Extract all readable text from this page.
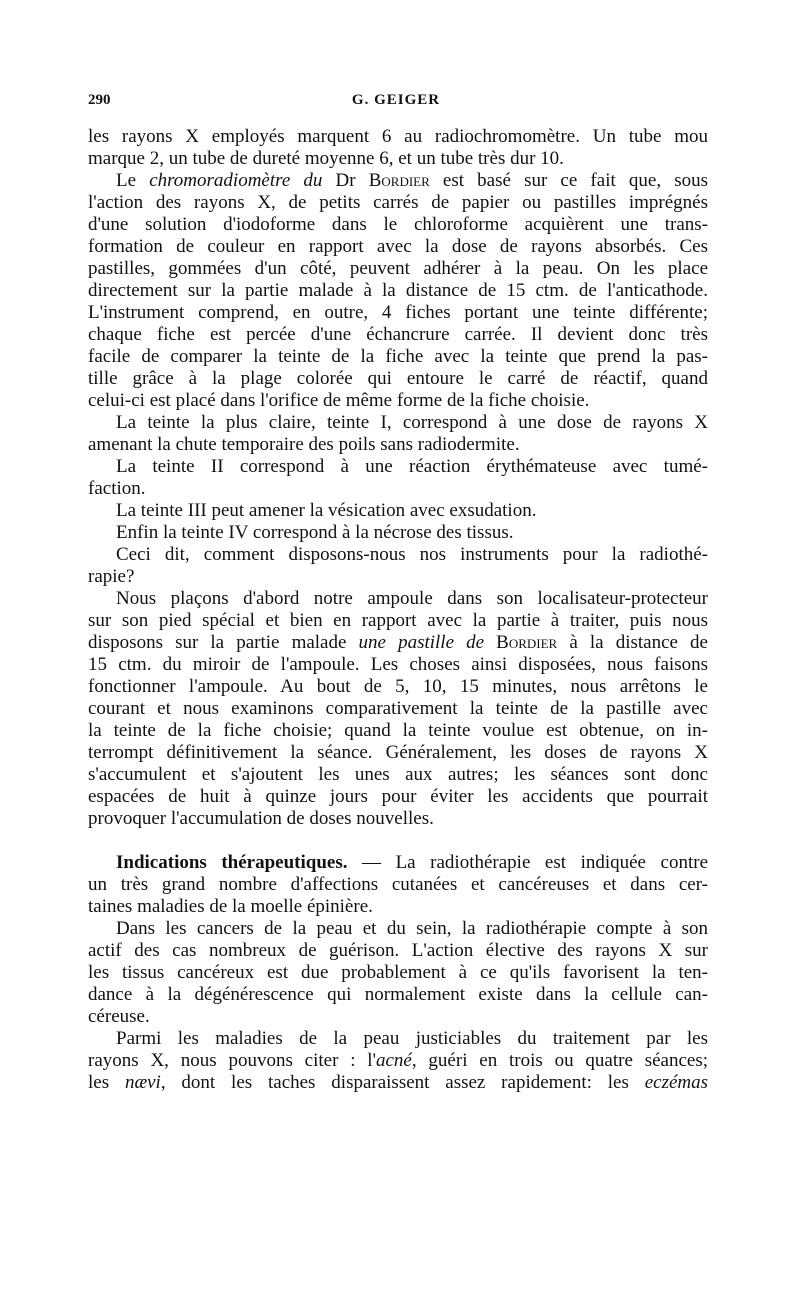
290	G. GEIGER
les rayons X employés marquent 6 au radiochromomètre. Un tube mou
marque 2, un tube de dureté moyenne 6, et un tube très dur 10.
Le chromoradiomètre du Dr Bordier est basé sur ce fait que, sous
l'action des rayons X, de petits carrés de papier ou pastilles imprégnés
d'une solution d'iodoforme dans le chloroforme acquièrent une trans-
formation de couleur en rapport avec la dose de rayons absorbés. Ces
pastilles, gommées d'un côté, peuvent adhérer à la peau. On les place
directement sur la partie malade à la distance de 15 ctm. de l'anticathode.
L'instrument comprend, en outre, 4 fiches portant une teinte différente;
chaque fiche est percée d'une échancrure carrée. Il devient donc très
facile de comparer la teinte de la fiche avec la teinte que prend la pas-
tille grâce à la plage colorée qui entoure le carré de réactif, quand
celui-ci est placé dans l'orifice de même forme de la fiche choisie.
La teinte la plus claire, teinte I, correspond à une dose de rayons X
amenant la chute temporaire des poils sans radiodermite.
La teinte II correspond à une réaction érythémateuse avec tumé-
faction.
La teinte III peut amener la vésication avec exsudation.
Enfin la teinte IV correspond à la nécrose des tissus.
Ceci dit, comment disposons-nous nos instruments pour la radiothé-
rapie?
Nous plaçons d'abord notre ampoule dans son localisateur-protecteur
sur son pied spécial et bien en rapport avec la partie à traiter, puis nous
disposons sur la partie malade une pastille de Bordier à la distance de
15 ctm. du miroir de l'ampoule. Les choses ainsi disposées, nous faisons
fonctionner l'ampoule. Au bout de 5, 10, 15 minutes, nous arrêtons le
courant et nous examinons comparativement la teinte de la pastille avec
la teinte de la fiche choisie; quand la teinte voulue est obtenue, on in-
terrompt définitivement la séance. Généralement, les doses de rayons X
s'accumulent et s'ajoutent les unes aux autres; les séances sont donc
espacées de huit à quinze jours pour éviter les accidents que pourrait
provoquer l'accumulation de doses nouvelles.
Indications thérapeutiques. — La radiothérapie est indiquée contre
un très grand nombre d'affections cutanées et cancéreuses et dans cer-
taines maladies de la moelle épinière.
Dans les cancers de la peau et du sein, la radiothérapie compte à son
actif des cas nombreux de guérison. L'action élective des rayons X sur
les tissus cancéreux est due probablement à ce qu'ils favorisent la ten-
dance à la dégénérescence qui normalement existe dans la cellule can-
céreuse.
Parmi les maladies de la peau justiciables du traitement par les
rayons X, nous pouvons citer : l'acné, guéri en trois ou quatre séances;
les nævi, dont les taches disparaissent assez rapidement: les eczémas
